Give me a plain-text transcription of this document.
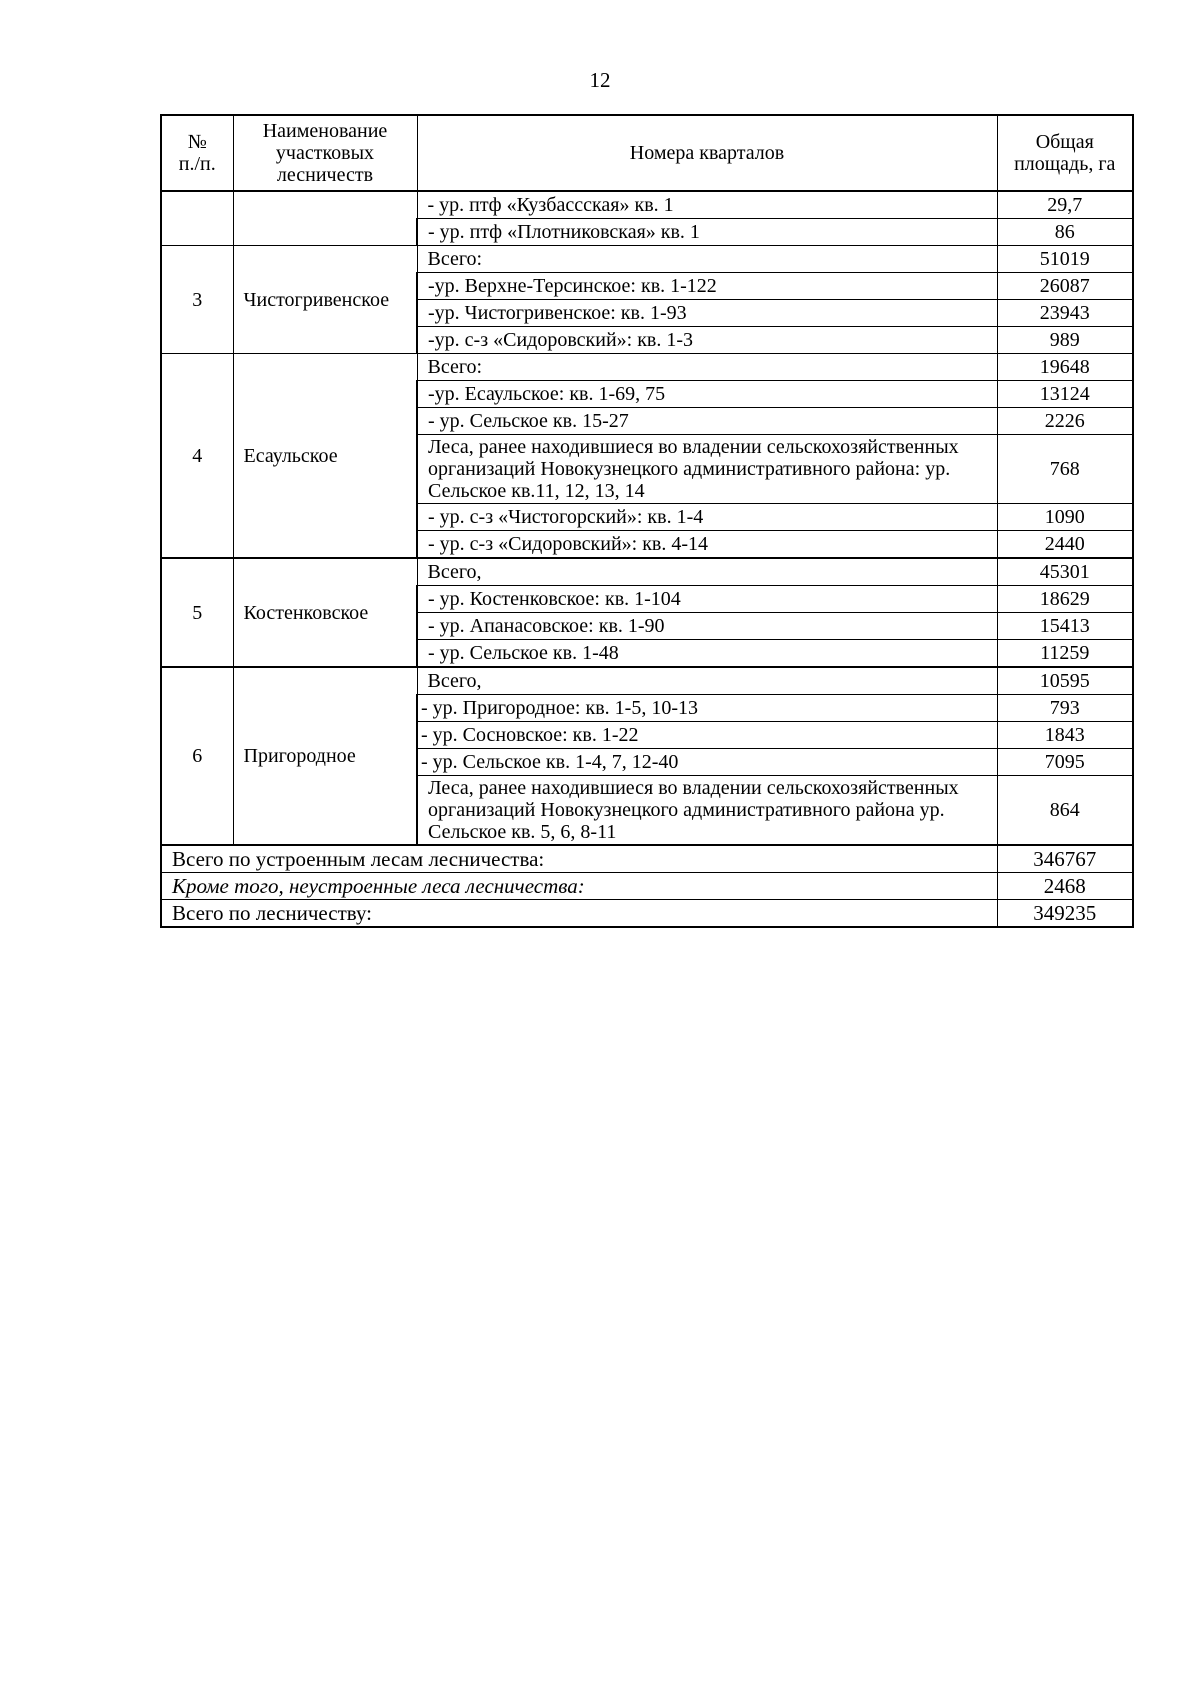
12
№
п./п.	Наименование участковых лесничеств	Номера кварталов	Общая площадь, га
		- ур. птф «Кузбассская» кв. 1	29,7
		- ур. птф «Плотниковская» кв. 1	86
3	Чистогривенское	Всего:	51019
		-ур. Верхне-Терсинское: кв. 1-122	26087
		-ур. Чистогривенское: кв. 1-93	23943
		-ур. с-з «Сидоровский»: кв. 1-3	989
4	Есаульское	Всего:	19648
		-ур. Есаульское: кв. 1-69, 75	13124
		- ур. Сельское кв. 15-27	2226
		Леса, ранее находившиеся во владении сельскохозяйственных организаций Новокузнецкого административного района: ур. Сельское кв.11, 12, 13, 14	768
		- ур. с-з «Чистогорский»: кв. 1-4	1090
		- ур. с-з «Сидоровский»: кв. 4-14	2440
5	Костенковское	Всего,	45301
		- ур. Костенковское: кв. 1-104	18629
		- ур. Апанасовское: кв. 1-90	15413
		- ур. Сельское кв. 1-48	11259
6	Пригородное	Всего,	10595
		- ур. Пригородное: кв. 1-5, 10-13	793
		- ур. Сосновское: кв. 1-22	1843
		- ур. Сельское кв. 1-4, 7, 12-40	7095
		Леса, ранее находившиеся во владении сельскохозяйственных организаций Новокузнецкого административного района ур. Сельское кв. 5, 6, 8-11	864
Всего по устроенным лесам лесничества:			346767
Кроме того, неустроенные леса лесничества:			2468
Всего по лесничеству:			349235
